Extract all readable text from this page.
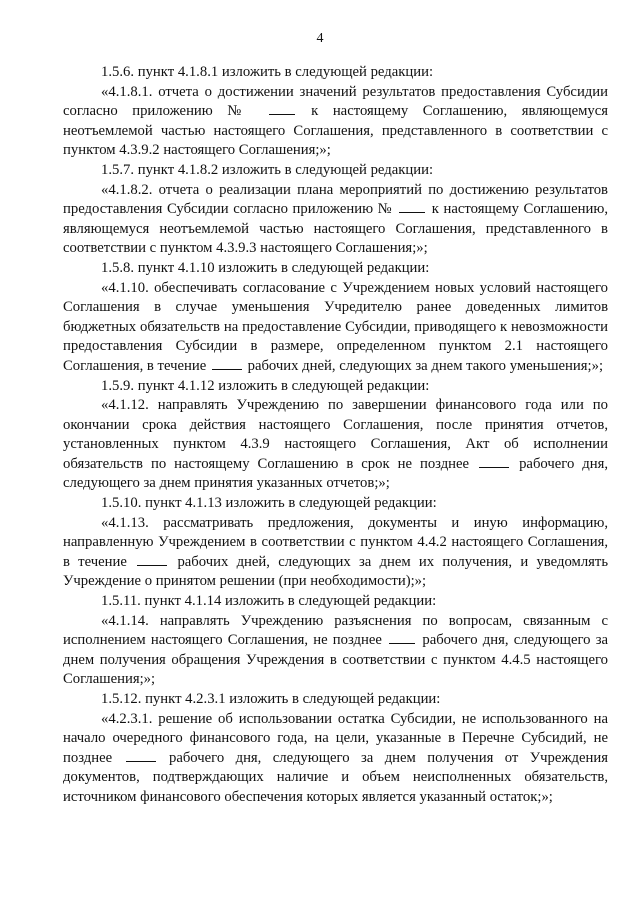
4

1.5.6. пункт 4.1.8.1 изложить в следующей редакции:

«4.1.8.1. отчета о достижении значений результатов предоставления Субсидии согласно приложению №	к настоящему Соглашению, являющемуся неотъемлемой частью настоящего Соглашения, представленного в соответствии с пунктом 4.3.9.2 настоящего Соглашения;»;

1.5.7. пункт 4.1.8.2 изложить в следующей редакции:

«4.1.8.2. отчета о реализации плана мероприятий по достижению результатов предоставления Субсидии согласно приложению №	к настоящему Соглашению, являющемуся неотъемлемой частью настоящего Соглашения, представленного в соответствии с пунктом 4.3.9.3 настоящего Соглашения;»;

1.5.8. пункт 4.1.10 изложить в следующей редакции:

«4.1.10. обеспечивать согласование с Учреждением новых условий настоящего Соглашения в случае уменьшения Учредителю ранее доведенных лимитов бюджетных обязательств на предоставление Субсидии, приводящего к невозможности предоставления Субсидии в размере, определенном пунктом 2.1 настоящего Соглашения, в течение	рабочих дней, следующих за днем такого уменьшения;»;

1.5.9. пункт 4.1.12 изложить в следующей редакции:

«4.1.12. направлять Учреждению по завершении финансового года или по окончании срока действия настоящего Соглашения, после принятия отчетов, установленных пунктом 4.3.9 настоящего Соглашения, Акт об исполнении обязательств по настоящему Соглашению в срок не позднее	рабочего дня, следующего за днем принятия указанных отчетов;»;

1.5.10. пункт 4.1.13 изложить в следующей редакции:

«4.1.13. рассматривать предложения, документы и иную информацию, направленную Учреждением в соответствии с пунктом 4.4.2 настоящего Соглашения, в течение	рабочих дней, следующих за днем их получения, и уведомлять Учреждение о принятом решении (при необходимости);»;

1.5.11. пункт 4.1.14 изложить в следующей редакции:

«4.1.14. направлять Учреждению разъяснения по вопросам, связанным с исполнением настоящего Соглашения, не позднее	рабочего дня, следующего за днем получения обращения Учреждения в соответствии с пунктом 4.4.5 настоящего Соглашения;»;

1.5.12. пункт 4.2.3.1 изложить в следующей редакции:

«4.2.3.1. решение об использовании остатка Субсидии, не использованного на начало очередного финансового года, на цели, указанные в Перечне Субсидий, не позднее	рабочего дня, следующего за днем получения от Учреждения документов, подтверждающих наличие и объем неисполненных обязательств, источником финансового обеспечения которых является указанный остаток;»;
